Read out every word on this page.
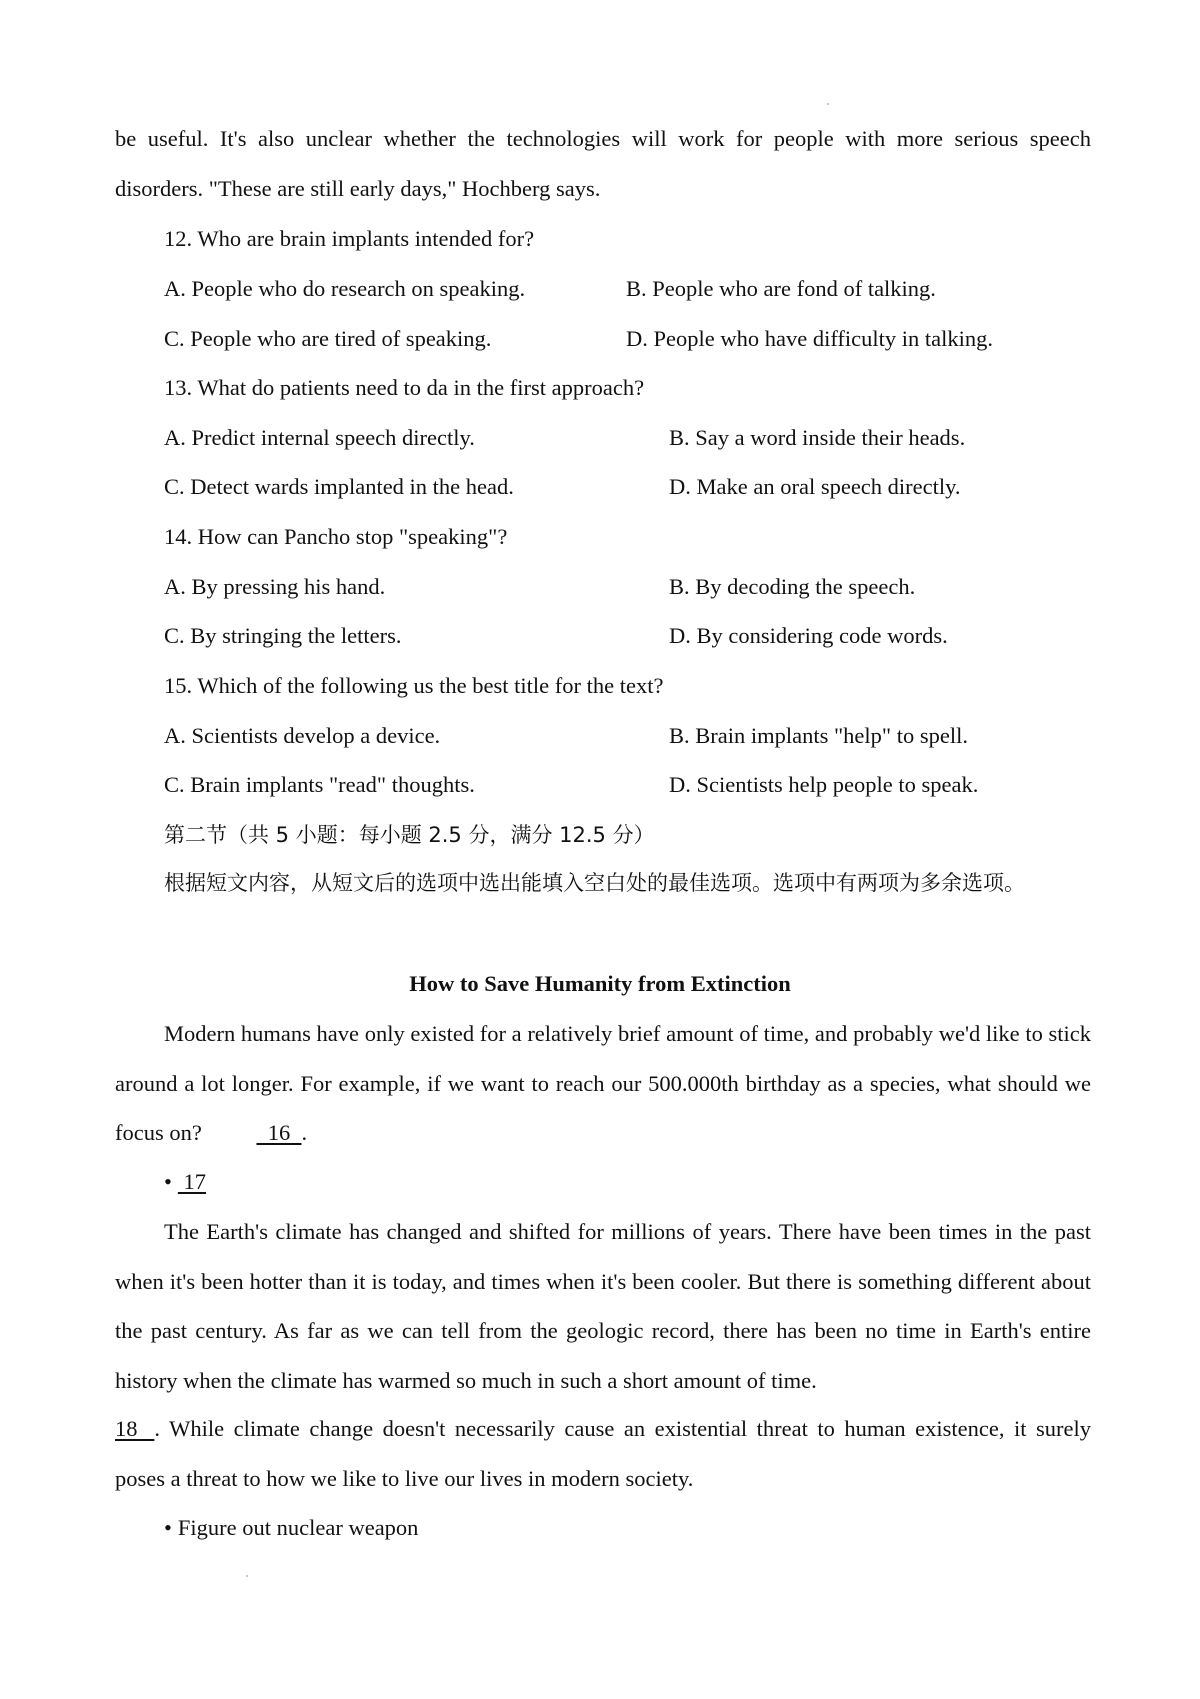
be useful. It's also unclear whether the technologies will work for people with more serious speech disorders. "These are still early days," Hochberg says.

12. Who are brain implants intended for?

A. People who do research on speaking.	B. People who are fond of talking.

C. People who are tired of speaking.	D. People who have difficulty in talking.

13. What do patients need to da in the first approach?

A. Predict internal speech directly.	B. Say a word inside their heads.

C. Detect wards implanted in the head.	D. Make an oral speech directly.

14. How can Pancho stop "speaking"?

A. By pressing his hand.	B. By decoding the speech.

C. By stringing the letters.	D. By considering code words.

15. Which of the following us the best title for the text?

A. Scientists develop a device.	B. Brain implants "help" to spell.

C. Brain implants "read" thoughts.	D. Scientists help people to speak.

第二节（共 5 小题：每小题 2.5 分，满分 12.5 分）

根据短文内容，从短文后的选项中选出能填入空白处的最佳选项。选项中有两项为多余选项。

How to Save Humanity from Extinction

Modern humans have only existed for a relatively brief amount of time, and probably we'd like to stick around a lot longer. For example, if we want to reach our 500.000th birthday as a species, what should we focus on?   16  .

• 17

The Earth's climate has changed and shifted for millions of years. There have been times in the past when it's been hotter than it is today, and times when it's been cooler. But there is something different about the past century. As far as we can tell from the geologic record, there has been no time in Earth's entire history when the climate has warmed so much in such a short amount of time.

18   . While climate change doesn't necessarily cause an existential threat to human existence, it surely poses a threat to how we like to live our lives in modern society.

• Figure out nuclear weapon
